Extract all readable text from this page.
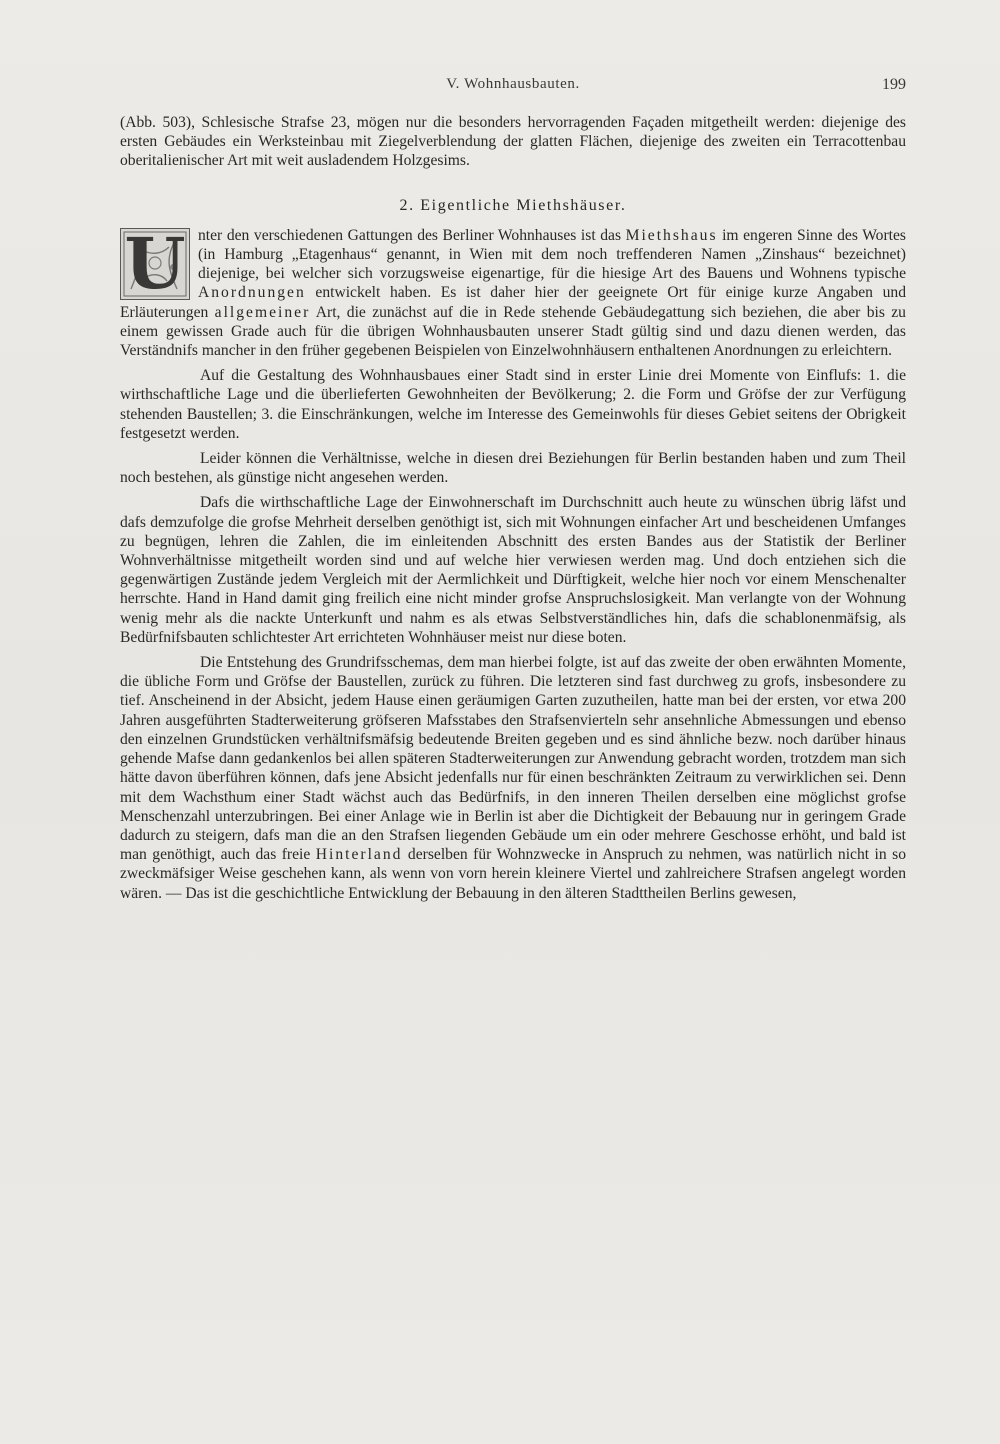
V. Wohnhausbauten.	199

(Abb. 503), Schlesische Strafse 23, mögen nur die besonders hervorragenden Façaden mitgetheilt werden: diejenige des ersten Gebäudes ein Werksteinbau mit Ziegelverblendung der glatten Flächen, diejenige des zweiten ein Terracottenbau oberitalienischer Art mit weit ausladendem Holzgesims.

2. Eigentliche Miethshäuser.

U nter den verschiedenen Gattungen des Berliner Wohnhauses ist das Miethshaus im engeren Sinne des Wortes (in Hamburg „Etagenhaus“ genannt, in Wien mit dem noch treffenderen Namen „Zinshaus“ bezeichnet) diejenige, bei welcher sich vorzugsweise eigenartige, für die hiesige Art des Bauens und Wohnens typische Anordnungen entwickelt haben. Es ist daher hier der geeignete Ort für einige kurze Angaben und Erläuterungen allgemeiner Art, die zunächst auf die in Rede stehende Gebäudegattung sich beziehen, die aber bis zu einem gewissen Grade auch für die übrigen Wohnhausbauten unserer Stadt gültig sind und dazu dienen werden, das Verständnifs mancher in den früher gegebenen Beispielen von Einzelwohnhäusern enthaltenen Anordnungen zu erleichtern.

Auf die Gestaltung des Wohnhausbaues einer Stadt sind in erster Linie drei Momente von Einflufs: 1. die wirthschaftliche Lage und die überlieferten Gewohnheiten der Bevölkerung; 2. die Form und Gröfse der zur Verfügung stehenden Baustellen; 3. die Einschränkungen, welche im Interesse des Gemeinwohls für dieses Gebiet seitens der Obrigkeit festgesetzt werden.

Leider können die Verhältnisse, welche in diesen drei Beziehungen für Berlin bestanden haben und zum Theil noch bestehen, als günstige nicht angesehen werden.

Dafs die wirthschaftliche Lage der Einwohnerschaft im Durchschnitt auch heute zu wünschen übrig läfst und dafs demzufolge die grofse Mehrheit derselben genöthigt ist, sich mit Wohnungen einfacher Art und bescheidenen Umfanges zu begnügen, lehren die Zahlen, die im einleitenden Abschnitt des ersten Bandes aus der Statistik der Berliner Wohnverhältnisse mitgetheilt worden sind und auf welche hier verwiesen werden mag. Und doch entziehen sich die gegenwärtigen Zustände jedem Vergleich mit der Aermlichkeit und Dürftigkeit, welche hier noch vor einem Menschenalter herrschte. Hand in Hand damit ging freilich eine nicht minder grofse Anspruchslosigkeit. Man verlangte von der Wohnung wenig mehr als die nackte Unterkunft und nahm es als etwas Selbstverständliches hin, dafs die schablonenmäfsig, als Bedürfnifsbauten schlichtester Art errichteten Wohnhäuser meist nur diese boten.

Die Entstehung des Grundrifsschemas, dem man hierbei folgte, ist auf das zweite der oben erwähnten Momente, die übliche Form und Gröfse der Baustellen, zurück zu führen. Die letzteren sind fast durchweg zu grofs, insbesondere zu tief. Anscheinend in der Absicht, jedem Hause einen geräumigen Garten zuzutheilen, hatte man bei der ersten, vor etwa 200 Jahren ausgeführten Stadterweiterung gröfseren Mafsstabes den Strafsenvierteln sehr ansehnliche Abmessungen und ebenso den einzelnen Grundstücken verhältnifsmäfsig bedeutende Breiten gegeben und es sind ähnliche bezw. noch darüber hinaus gehende Mafse dann gedankenlos bei allen späteren Stadterweiterungen zur Anwendung gebracht worden, trotzdem man sich hätte davon überführen können, dafs jene Absicht jedenfalls nur für einen beschränkten Zeitraum zu verwirklichen sei. Denn mit dem Wachsthum einer Stadt wächst auch das Bedürfnifs, in den inneren Theilen derselben eine möglichst grofse Menschenzahl unterzubringen. Bei einer Anlage wie in Berlin ist aber die Dichtigkeit der Bebauung nur in geringem Grade dadurch zu steigern, dafs man die an den Strafsen liegenden Gebäude um ein oder mehrere Geschosse erhöht, und bald ist man genöthigt, auch das freie Hinterland derselben für Wohnzwecke in Anspruch zu nehmen, was natürlich nicht in so zweckmäfsiger Weise geschehen kann, als wenn von vorn herein kleinere Viertel und zahlreichere Strafsen angelegt worden wären. — Das ist die geschichtliche Entwicklung der Bebauung in den älteren Stadttheilen Berlins gewesen,
